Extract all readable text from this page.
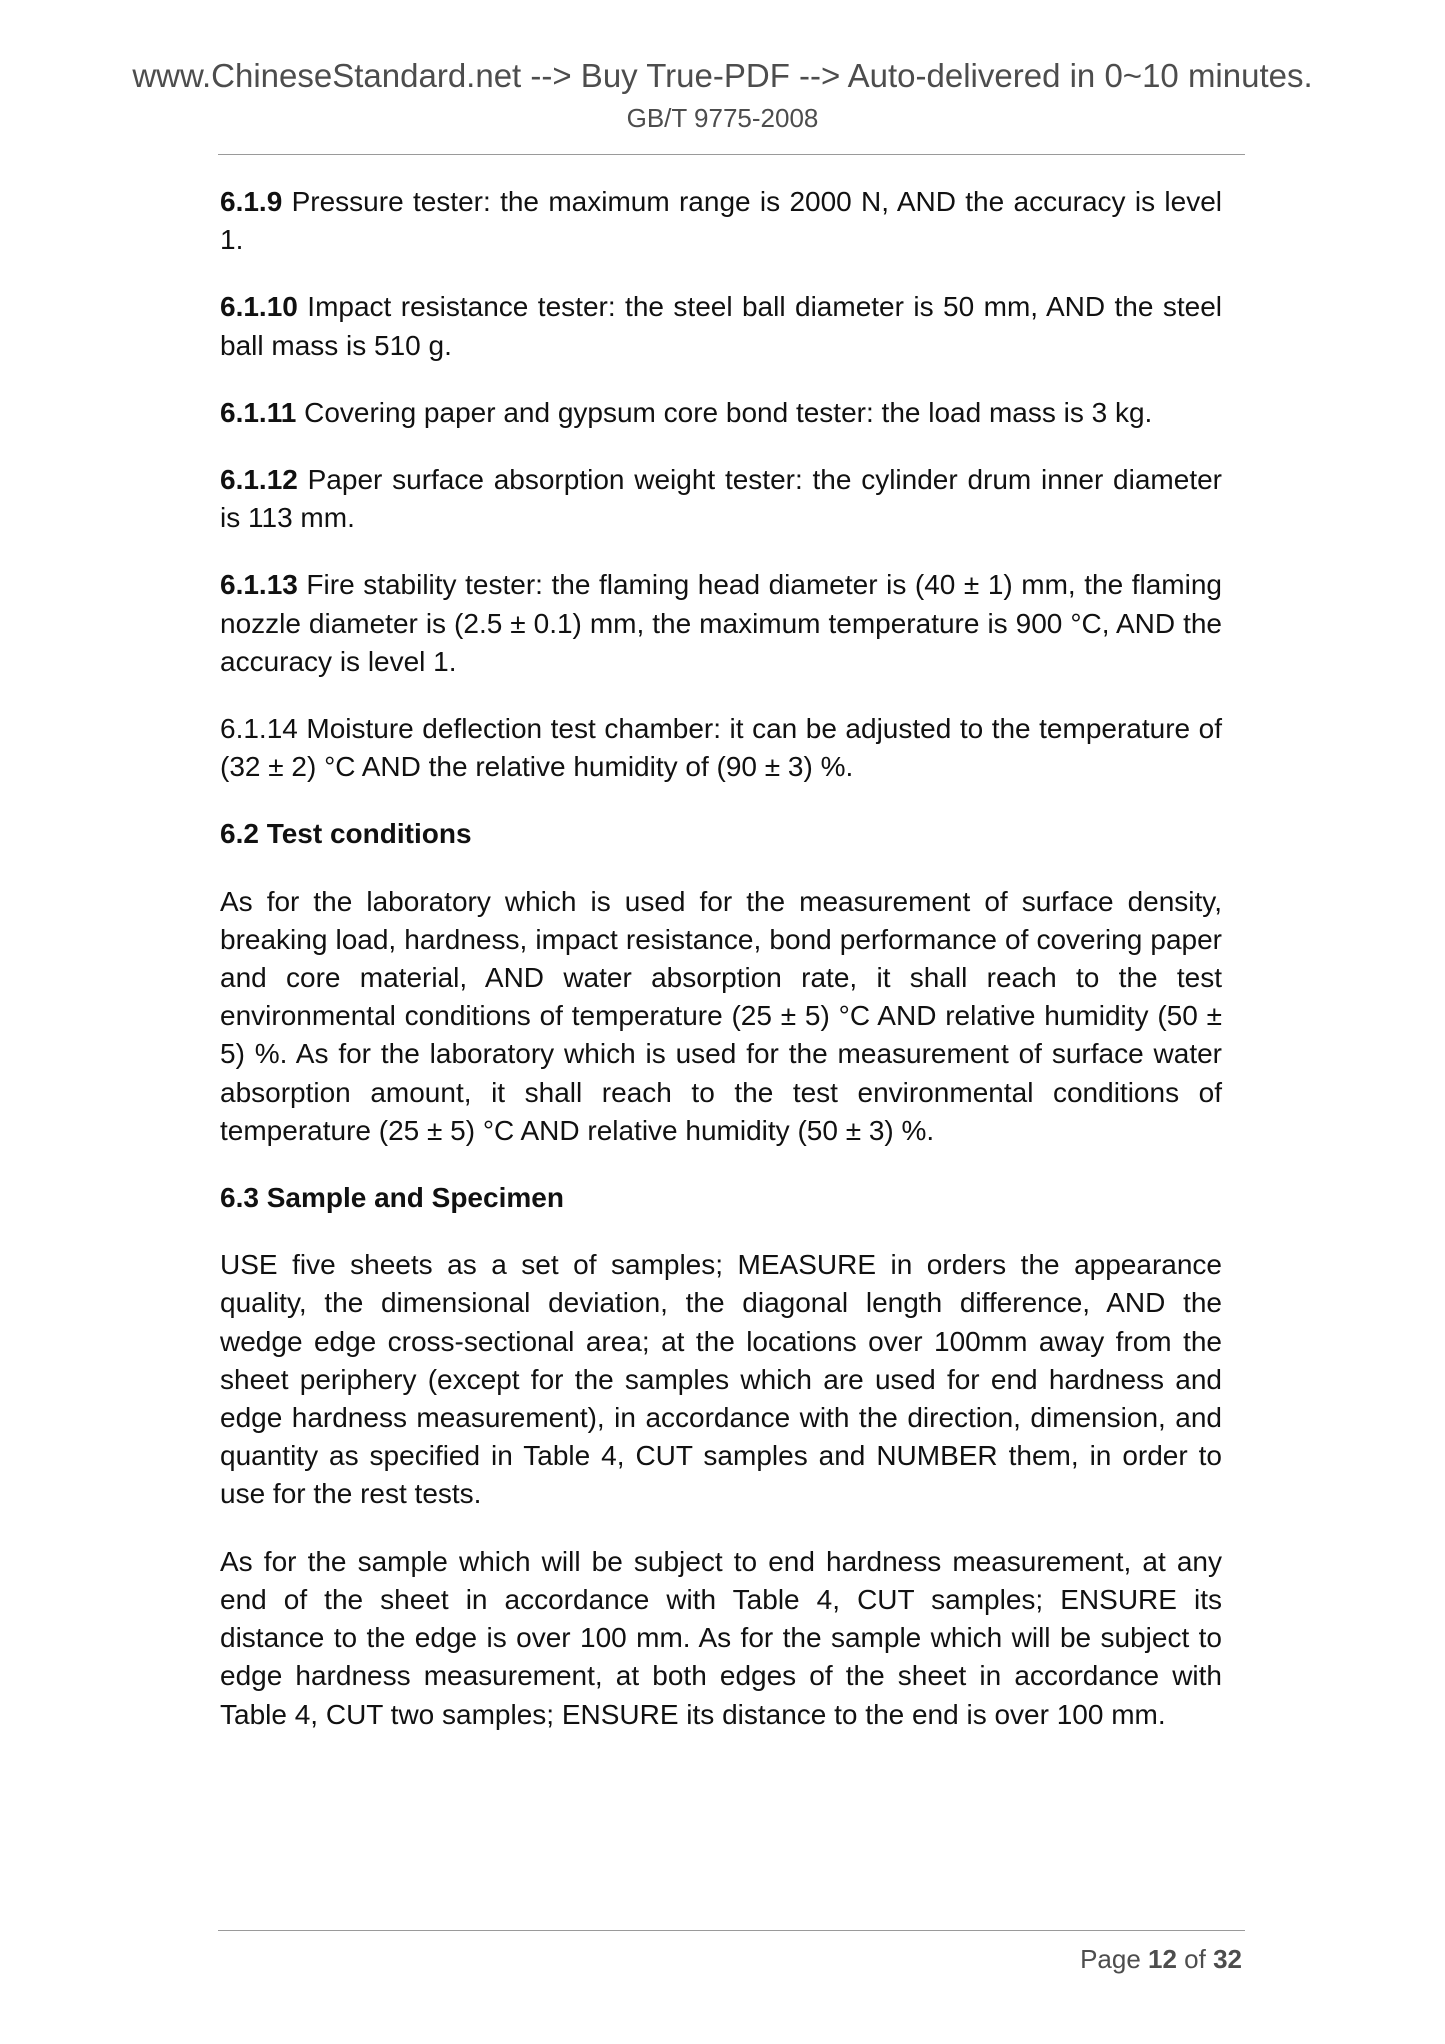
www.ChineseStandard.net --> Buy True-PDF --> Auto-delivered in 0~10 minutes.
GB/T 9775-2008

6.1.9 Pressure tester: the maximum range is 2000 N, AND the accuracy is level 1.

6.1.10 Impact resistance tester: the steel ball diameter is 50 mm, AND the steel ball mass is 510 g.

6.1.11 Covering paper and gypsum core bond tester: the load mass is 3 kg.

6.1.12 Paper surface absorption weight tester: the cylinder drum inner diameter is 113 mm.

6.1.13 Fire stability tester: the flaming head diameter is (40 ± 1) mm, the flaming nozzle diameter is (2.5 ± 0.1) mm, the maximum temperature is 900 °C, AND the accuracy is level 1.

6.1.14 Moisture deflection test chamber: it can be adjusted to the temperature of (32 ± 2) °C AND the relative humidity of (90 ± 3) %.

6.2 Test conditions

As for the laboratory which is used for the measurement of surface density, breaking load, hardness, impact resistance, bond performance of covering paper and core material, AND water absorption rate, it shall reach to the test environmental conditions of temperature (25 ± 5) °C AND relative humidity (50 ± 5) %. As for the laboratory which is used for the measurement of surface water absorption amount, it shall reach to the test environmental conditions of temperature (25 ± 5) °C AND relative humidity (50 ± 3) %.

6.3 Sample and Specimen

USE five sheets as a set of samples; MEASURE in orders the appearance quality, the dimensional deviation, the diagonal length difference, AND the wedge edge cross-sectional area; at the locations over 100mm away from the sheet periphery (except for the samples which are used for end hardness and edge hardness measurement), in accordance with the direction, dimension, and quantity as specified in Table 4, CUT samples and NUMBER them, in order to use for the rest tests.

As for the sample which will be subject to end hardness measurement, at any end of the sheet in accordance with Table 4, CUT samples; ENSURE its distance to the edge is over 100 mm. As for the sample which will be subject to edge hardness measurement, at both edges of the sheet in accordance with Table 4, CUT two samples; ENSURE its distance to the end is over 100 mm.

Page 12 of 32
